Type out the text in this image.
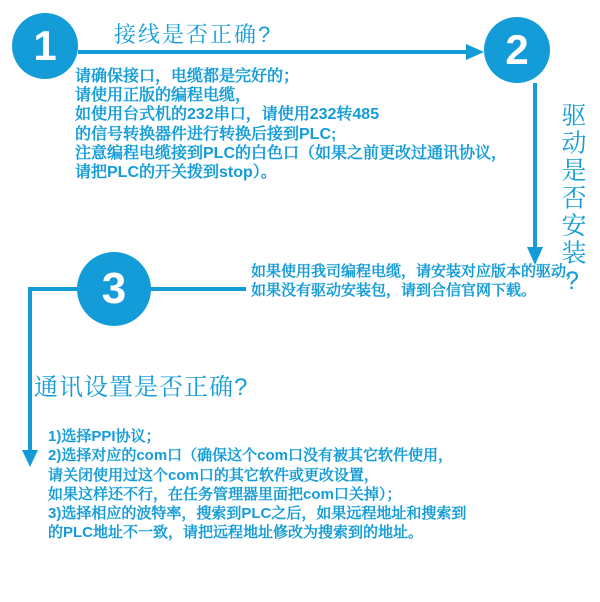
1	接线是否正确?
请确保接口，电缆都是完好的；
请使用正版的编程电缆，
如使用台式机的232串口，请使用232转485
的信号转换器件进行转换后接到PLC;
注意编程电缆接到PLC的白色口（如果之前更改过通讯协议，
请把PLC的开关拨到stop）。
2
驱动是否安装?
如果使用我司编程电缆，请安装对应版本的驱动，
如果没有驱动安装包，请到合信官网下载。
3
通讯设置是否正确?
1)选择PPI协议；
2)选择对应的com口（确保这个com口没有被其它软件使用，
请关闭使用过这个com口的其它软件或更改设置，
如果这样还不行，在任务管理器里面把com口关掉）；
3)选择相应的波特率，搜索到PLC之后，如果远程地址和搜索到
的PLC地址不一致，请把远程地址修改为搜索到的地址。
